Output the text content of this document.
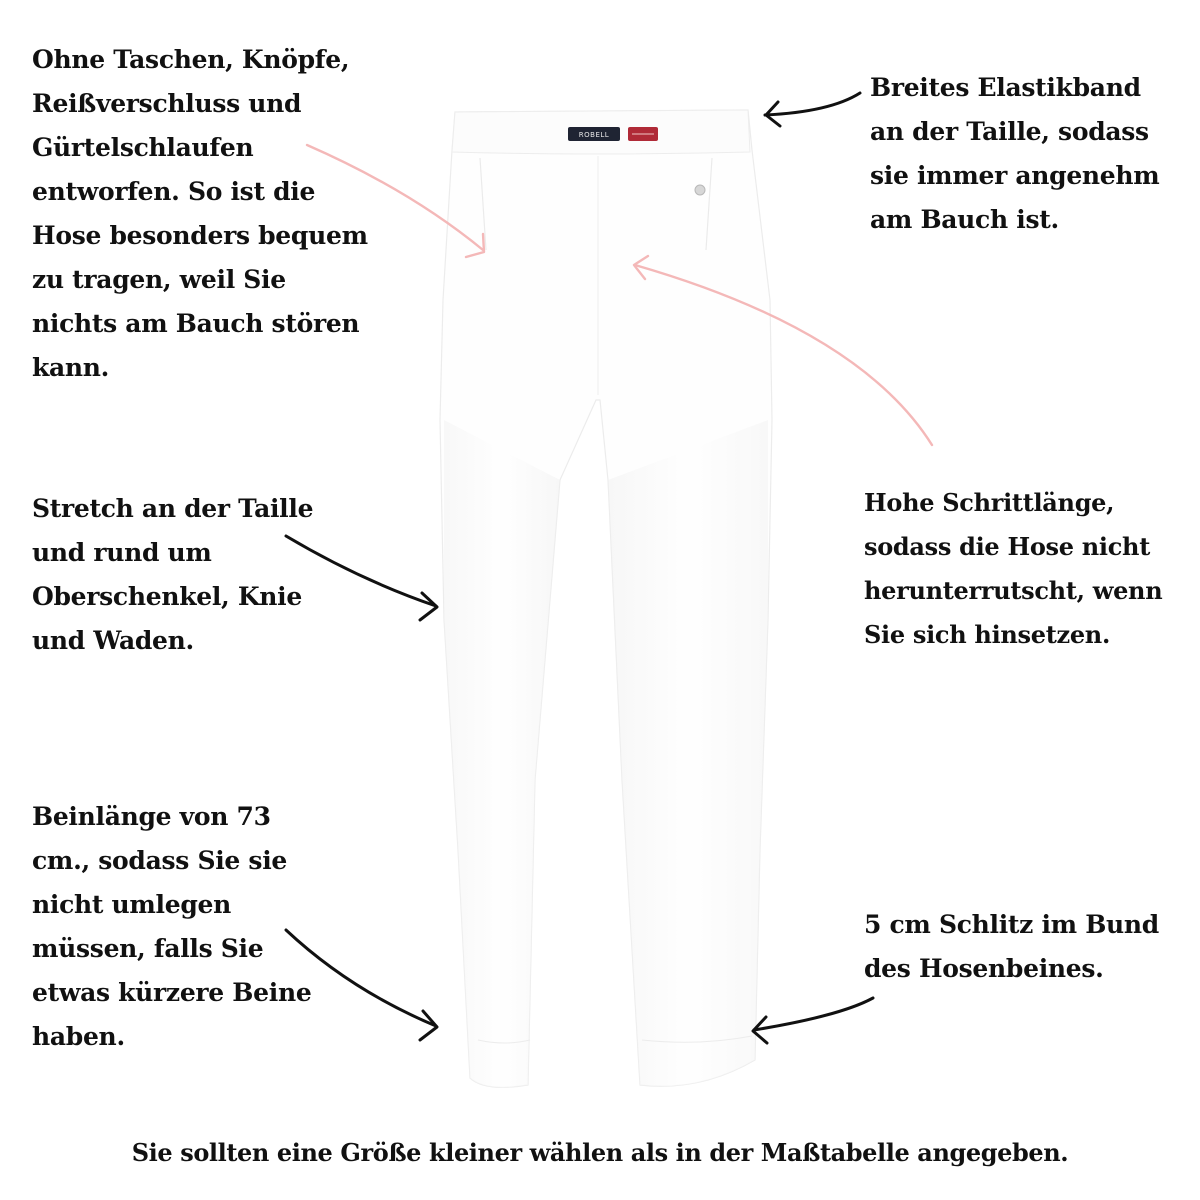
ROBELL
Ohne Taschen, Knöpfe,
Reißverschluss und
Gürtelschlaufen
entworfen. So ist die
Hose besonders bequem
zu tragen, weil Sie
nichts am Bauch stören
kann.
Breites Elastikband
an der Taille, sodass
sie immer angenehm
am Bauch ist.
Stretch an der Taille
und rund um
Oberschenkel, Knie
und Waden.
Hohe Schrittlänge,
sodass die Hose nicht
herunterrutscht, wenn
Sie sich hinsetzen.
Beinlänge von 73
cm., sodass Sie sie
nicht umlegen
müssen, falls Sie
etwas kürzere Beine
haben.
5 cm Schlitz im Bund
des Hosenbeines.
Sie sollten eine Größe kleiner wählen als in der Maßtabelle angegeben.
